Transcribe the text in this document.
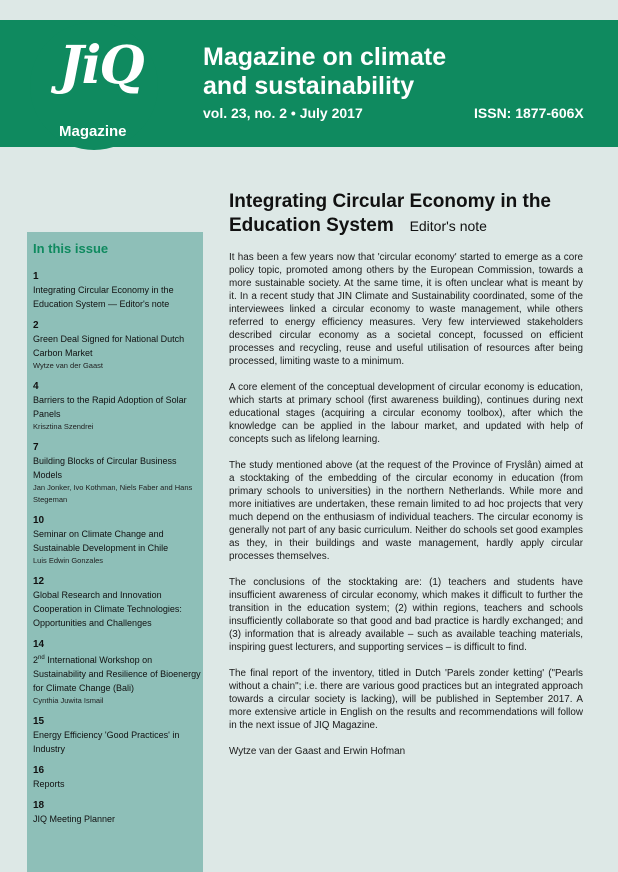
JiQ
Magazine
Magazine on climate
and sustainability
vol. 23, no. 2 • July 2017	ISSN: 1877-606X
In this issue
1
Integrating Circular Economy in the Education System — Editor's note
2
Green Deal Signed for National Dutch Carbon Market
Wytze van der Gaast
4
Barriers to the Rapid Adoption of Solar Panels
Krisztina Szendrei
7
Building Blocks of Circular Business Models
Jan Jonker, Ivo Kothman, Niels Faber and Hans Stegeman
10
Seminar on Climate Change and Sustainable Development in Chile
Luis Edwin Gonzales
12
Global Research and Innovation Cooperation in Climate Technologies: Opportunities and Challenges
14
2nd International Workshop on Sustainability and Resilience of Bioenergy for Climate Change (Bali)
Cynthia Juwita Ismail
15
Energy Efficiency 'Good Practices' in Industry
16
Reports
18
JIQ Meeting Planner
Integrating Circular Economy in the Education System Editor's note

It has been a few years now that 'circular economy' started to emerge as a core policy topic, promoted among others by the European Commission, towards a more sustainable society. At the same time, it is often unclear what is meant by it. In a recent study that JIN Climate and Sustainability coordinated, some of the interviewees linked a circular economy to waste management, while others referred to energy efficiency measures. Very few interviewed stakeholders described circular economy as a societal concept, focussed on efficient processes and recycling, reuse and useful utilisation of resources after being processed, limiting waste to a minimum.

A core element of the conceptual development of circular economy is education, which starts at primary school (first awareness building), continues during next educational stages (acquiring a circular economy toolbox), after which the knowledge can be applied in the labour market, and updated with help of concepts such as lifelong learning.

The study mentioned above (at the request of the Province of Fryslân) aimed at a stocktaking of the embedding of the circular economy in education (from primary schools to universities) in the northern Netherlands. While more and more initiatives are undertaken, these remain limited to ad hoc projects that very much depend on the enthusiasm of individual teachers. The circular economy is generally not part of any basic curriculum. Neither do schools set good examples as they, in their buildings and waste management, hardly apply circular processes themselves.

The conclusions of the stocktaking are: (1) teachers and students have insufficient awareness of circular economy, which makes it difficult to further the transition in the education system; (2) within regions, teachers and schools insufficiently collaborate so that good and bad practice is hardly exchanged; and (3) information that is already available – such as available teaching materials, inspiring guest lecturers, and supporting services – is difficult to find.

The final report of the inventory, titled in Dutch 'Parels zonder ketting' ("Pearls without a chain"; i.e. there are various good practices but an integrated approach towards a circular society is lacking), will be published in September 2017. A more extensive article in English on the results and recommendations will follow in the next issue of JIQ Magazine.

Wytze van der Gaast and Erwin Hofman
